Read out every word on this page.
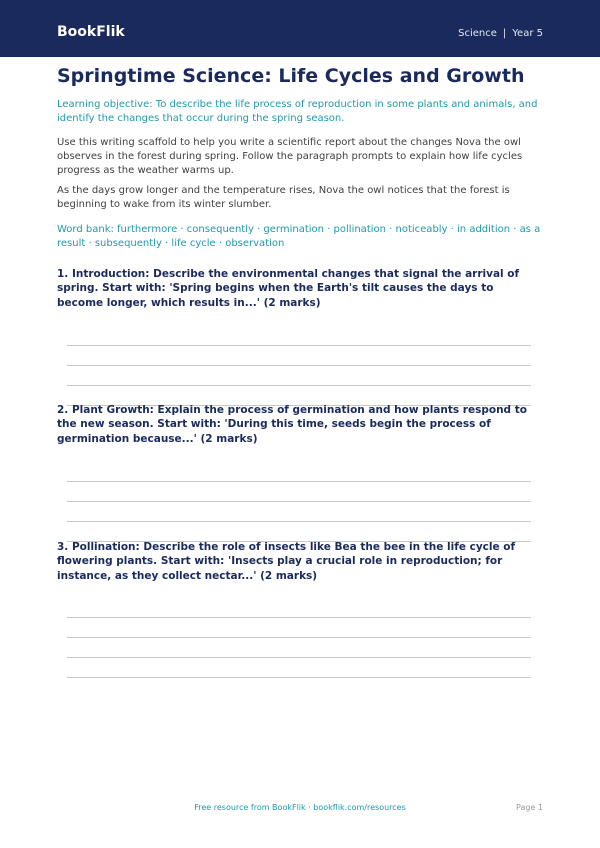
BookFlik	Science | Year 5
Springtime Science: Life Cycles and Growth

Learning objective: To describe the life process of reproduction in some plants and animals, and identify the changes that occur during the spring season.

Use this writing scaffold to help you write a scientific report about the changes Nova the owl observes in the forest during spring. Follow the paragraph prompts to explain how life cycles progress as the weather warms up.

As the days grow longer and the temperature rises, Nova the owl notices that the forest is beginning to wake from its winter slumber.

Word bank: furthermore · consequently · germination · pollination · noticeably · in addition · as a result · subsequently · life cycle · observation

1. Introduction: Describe the environmental changes that signal the arrival of spring. Start with: 'Spring begins when the Earth's tilt causes the days to become longer, which results in...' (2 marks)

2. Plant Growth: Explain the process of germination and how plants respond to the new season. Start with: 'During this time, seeds begin the process of germination because...' (2 marks)

3. Pollination: Describe the role of insects like Bea the bee in the life cycle of flowering plants. Start with: 'Insects play a crucial role in reproduction; for instance, as they collect nectar...' (2 marks)

Free resource from BookFlik · bookflik.com/resources	Page 1
